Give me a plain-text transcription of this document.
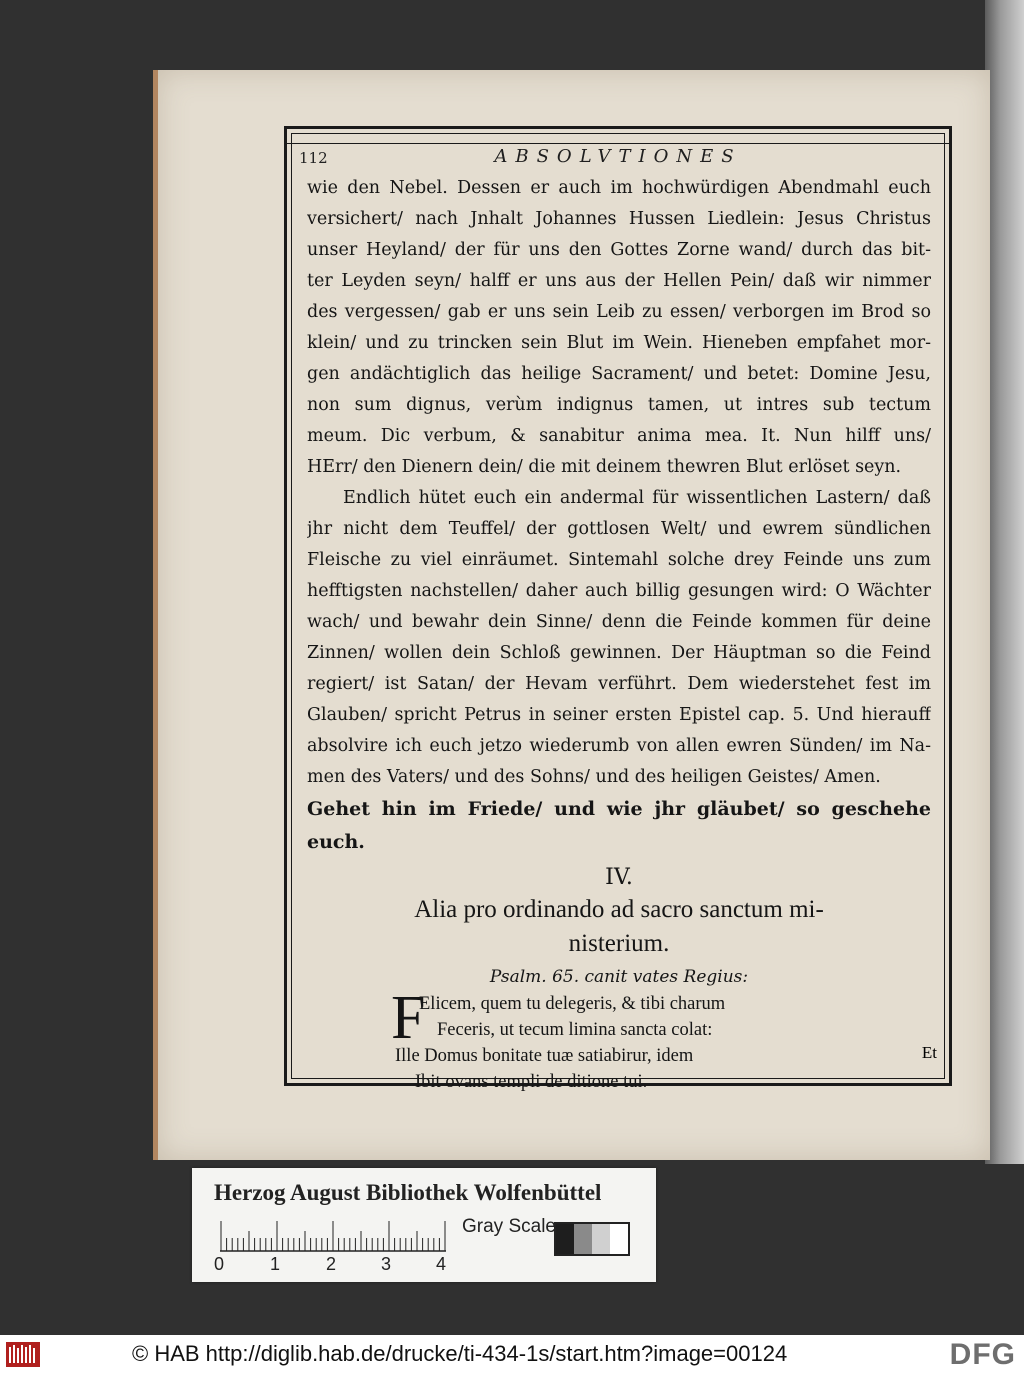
112	ABSOLVTIONES
wie den Nebel. Dessen er auch im hochwürdigen Abendmahl euch
versichert/ nach Jnhalt Johannes Hussen Liedlein: Jesus Christus
unser Heyland/ der für uns den Gottes Zorne wand/ durch das bit-
ter Leyden seyn/ halff er uns aus der Hellen Pein/ daß wir nimmer
des vergessen/ gab er uns sein Leib zu essen/ verborgen im Brod so
klein/ und zu trincken sein Blut im Wein. Hieneben empfahet mor-
gen andächtiglich das heilige Sacrament/ und betet: Domine Jesu,
non sum dignus, verùm indignus tamen, ut intres sub tectum
meum. Dic verbum, & sanabitur anima mea. It. Nun hilff uns/
HErr/ den Dienern dein/ die mit deinem thewren Blut erlöset seyn.
Endlich hütet euch ein andermal für wissentlichen Lastern/ daß
jhr nicht dem Teuffel/ der gottlosen Welt/ und ewrem sündlichen
Fleische zu viel einräumet. Sintemahl solche drey Feinde uns zum
hefftigsten nachstellen/ daher auch billig gesungen wird: O Wächter
wach/ und bewahr dein Sinne/ denn die Feinde kommen für deine
Zinnen/ wollen dein Schloß gewinnen. Der Häuptman so die Feind
regiert/ ist Satan/ der Hevam verführt. Dem wiederstehet fest im
Glauben/ spricht Petrus in seiner ersten Epistel cap. 5. Und hierauff
absolvire ich euch jetzo wiederumb von allen ewren Sünden/ im Na-
men des Vaters/ und des Sohns/ und des heiligen Geistes/ Amen.
Gehet hin im Friede/ und wie jhr gläubet/ so geschehe
euch.
IV.
Alia pro ordinando ad sacro sanctum mi-
nisterium.
Psalm. 65. canit vates Regius:
F
Elicem, quem tu delegeris, & tibi charum
Feceris, ut tecum limina sancta colat:
Ille Domus bonitate tuæ satiabirur, idem
Ibit ovans templi de ditione tui.
Et
Herzog August Bibliothek Wolfenbüttel
0	1	2 3 4
Gray Scale
© HAB http://diglib.hab.de/drucke/ti-434-1s/start.htm?image=00124	DFG
